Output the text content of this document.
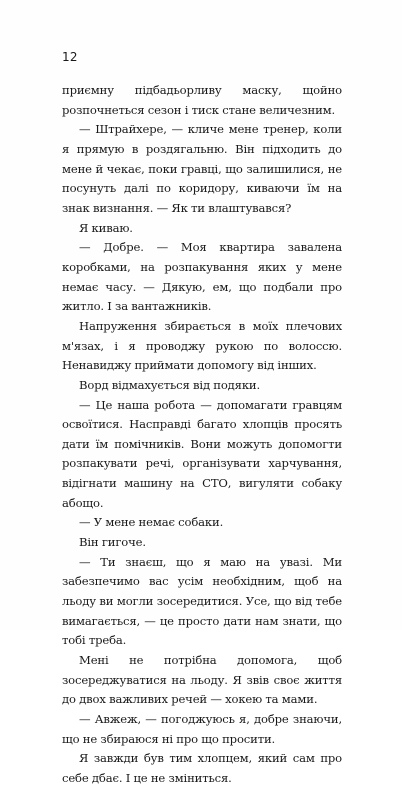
12

приємну підбадьорливу маску, щойно розпочнеться сезон і тиск стане величезним.

— Штрайхере, — кличе мене тренер, коли я прямую в роздягальню. Він підходить до мене й чекає, поки гравці, що залишилися, не посунуть далі по коридору, киваючи їм на знак визнання. — Як ти влаштувався?

Я киваю.

— Добре. — Моя квартира завалена коробками, на розпакування яких у мене немає часу. — Дякую, ем, що подбали про житло. І за вантажників.

Напруження збирається в моїх плечових м'язах, і я проводжу рукою по волоссю. Ненавиджу приймати допомогу від інших.

Ворд відмахується від подяки.

— Це наша робота — допомагати гравцям освоїтися. Насправді багато хлопців просять дати їм помічників. Вони можуть допомогти розпакувати речі, організувати харчування, відігнати машину на СТО, вигуляти собаку абощо.

— У мене немає собаки.

Він гигоче.

— Ти знаєш, що я маю на увазі. Ми забезпечимо вас усім необхідним, щоб на льоду ви могли зосередитися. Усе, що від тебе вимагається, — це просто дати нам знати, що тобі треба.

Мені не потрібна допомога, щоб зосереджуватися на льоду. Я звів своє життя до двох важливих речей — хокею та мами.

— Авжеж, — погоджуюсь я, добре знаючи, що не збираюся ні про що просити.

Я завжди був тим хлопцем, який сам про себе дбає. І це не зміниться.
